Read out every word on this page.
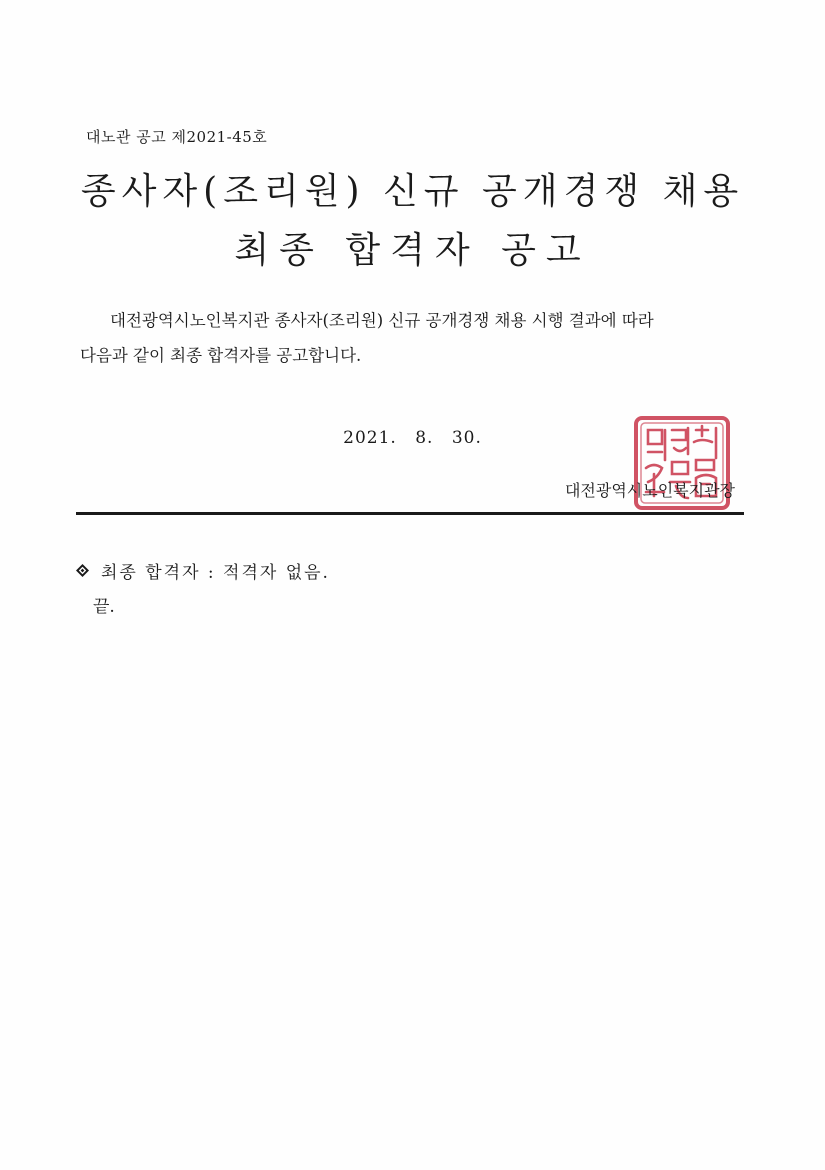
대노관 공고 제2021-45호
종사자(조리원) 신규 공개경쟁 채용
최종 합격자 공고

대전광역시노인복지관 종사자(조리원) 신규 공개경쟁 채용 시행 결과에 따라
다음과 같이 최종 합격자를 공고합니다.

2021. 8. 30.
대전광역시노인복지관장
최종 합격자 : 적격자 없음.
끝.
